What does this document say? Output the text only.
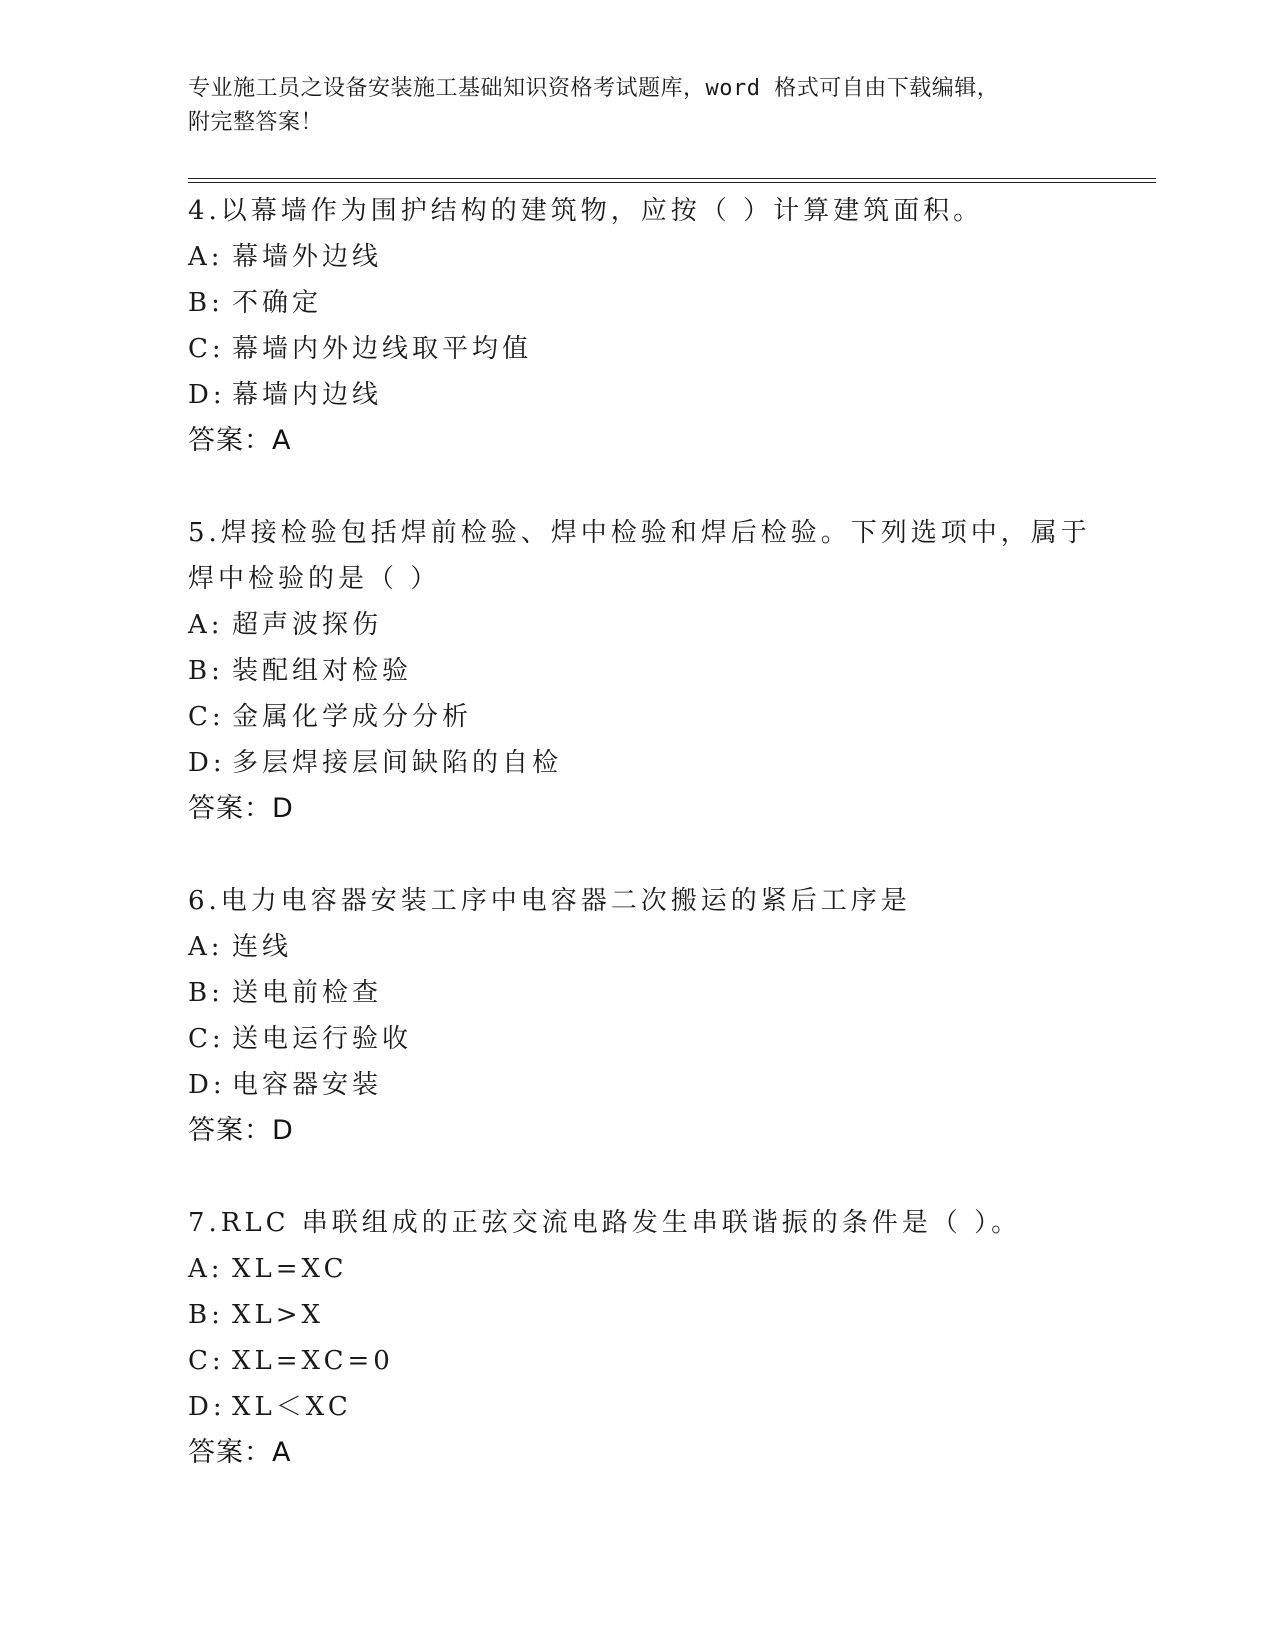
专业施工员之设备安装施工基础知识资格考试题库，word 格式可自由下载编辑，
附完整答案！
4.以幕墙作为围护结构的建筑物，应按（ ）计算建筑面积。
A: 幕墙外边线
B: 不确定
C: 幕墙内外边线取平均值
D: 幕墙内边线
答案：A
5.焊接检验包括焊前检验、焊中检验和焊后检验。下列选项中，属于
焊中检验的是（ ）
A: 超声波探伤
B: 装配组对检验
C: 金属化学成分分析
D: 多层焊接层间缺陷的自检
答案：D
6.电力电容器安装工序中电容器二次搬运的紧后工序是
A: 连线
B: 送电前检查
C: 送电运行验收
D: 电容器安装
答案：D
7.RLC 串联组成的正弦交流电路发生串联谐振的条件是（ ）。
A: XL=XC
B: XL>X
C: XL=XC=0
D: XL＜XC
答案：A
